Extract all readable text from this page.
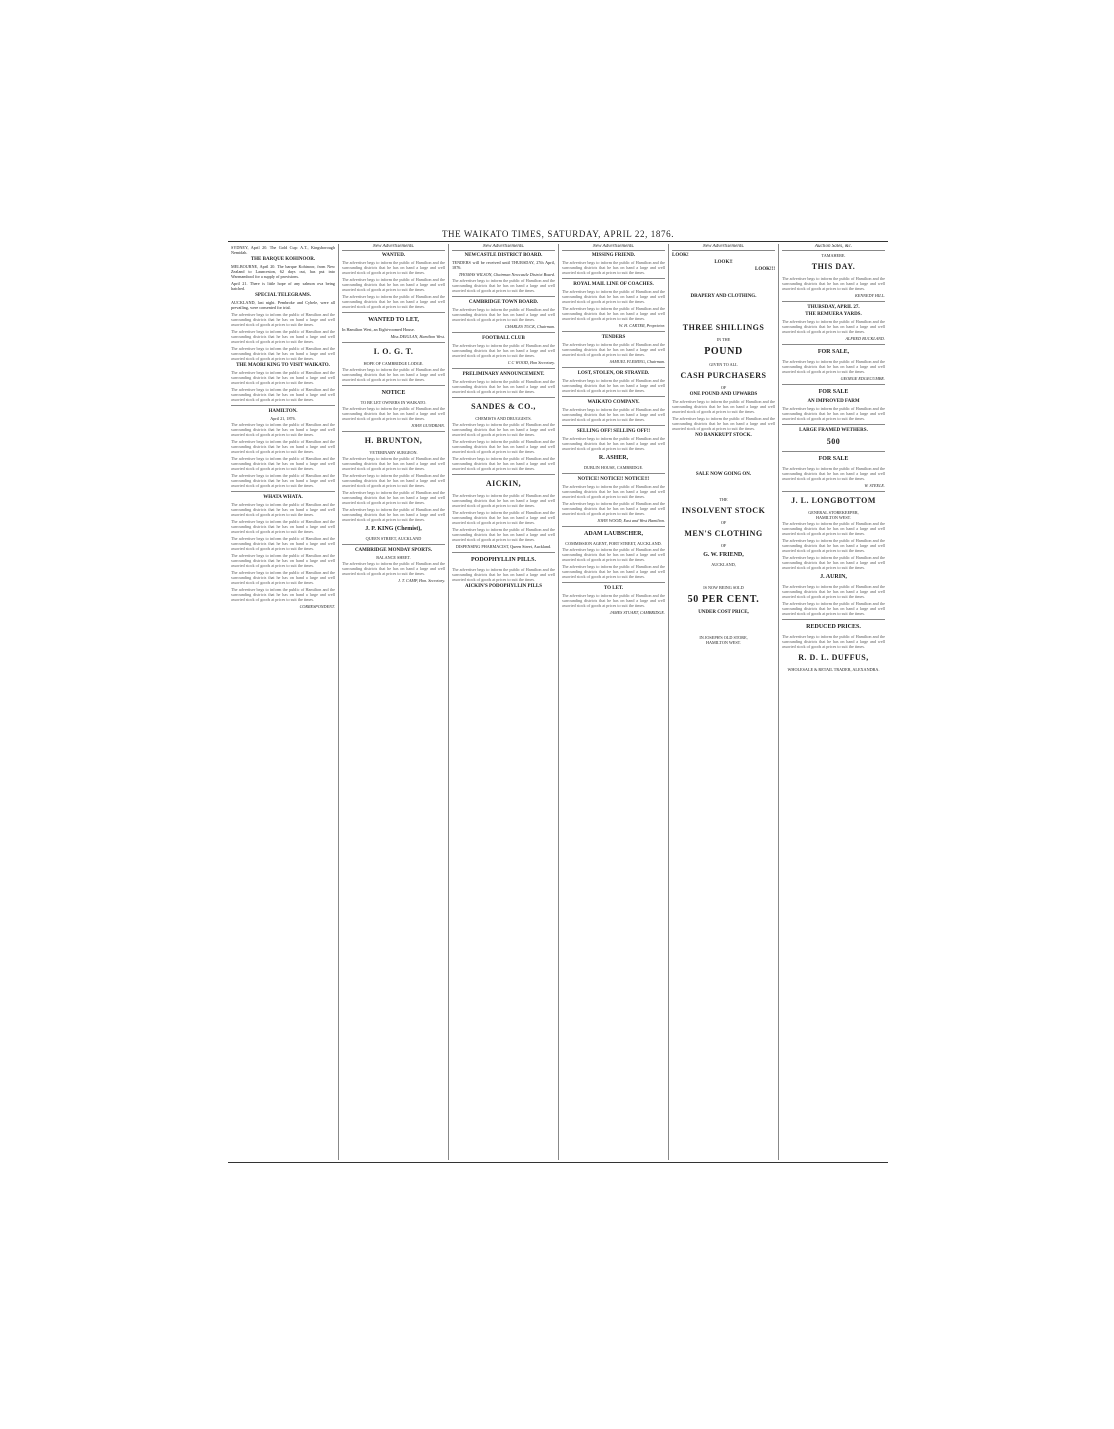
THE WAIKATO TIMES, SATURDAY, APRIL 22, 1876.
SYDNEY, April 20. The Gold Cup: A.T., Kingsborough Nemidah.
THE BARQUE KOHINOOR.
MELBOURNE, April 20. The barque Kohinoor, from New Zealand to Launceston, 62 days out, has put into Warrnambool for a supply of provisions.
April 21. There is little hope of any salmon ova being hatched.
SPECIAL TELEGRAMS.
AUCKLAND, last night. Pembroke and Cybele, were all prevailing, were consented for trial.
The advertiser begs to inform the public of Hamilton and the surrounding districts that he has on hand a large and well assorted stock of goods at prices to suit the times.
The advertiser begs to inform the public of Hamilton and the surrounding districts that he has on hand a large and well assorted stock of goods at prices to suit the times.
The advertiser begs to inform the public of Hamilton and the surrounding districts that he has on hand a large and well assorted stock of goods at prices to suit the times.
THE MAORI KING TO VISIT WAIKATO.
The advertiser begs to inform the public of Hamilton and the surrounding districts that he has on hand a large and well assorted stock of goods at prices to suit the times.
The advertiser begs to inform the public of Hamilton and the surrounding districts that he has on hand a large and well assorted stock of goods at prices to suit the times.
HAMILTON.
April 21, 1876.
The advertiser begs to inform the public of Hamilton and the surrounding districts that he has on hand a large and well assorted stock of goods at prices to suit the times.
The advertiser begs to inform the public of Hamilton and the surrounding districts that he has on hand a large and well assorted stock of goods at prices to suit the times.
The advertiser begs to inform the public of Hamilton and the surrounding districts that he has on hand a large and well assorted stock of goods at prices to suit the times.
The advertiser begs to inform the public of Hamilton and the surrounding districts that he has on hand a large and well assorted stock of goods at prices to suit the times.
WHATA WHATA.
The advertiser begs to inform the public of Hamilton and the surrounding districts that he has on hand a large and well assorted stock of goods at prices to suit the times.
The advertiser begs to inform the public of Hamilton and the surrounding districts that he has on hand a large and well assorted stock of goods at prices to suit the times.
The advertiser begs to inform the public of Hamilton and the surrounding districts that he has on hand a large and well assorted stock of goods at prices to suit the times.
The advertiser begs to inform the public of Hamilton and the surrounding districts that he has on hand a large and well assorted stock of goods at prices to suit the times.
The advertiser begs to inform the public of Hamilton and the surrounding districts that he has on hand a large and well assorted stock of goods at prices to suit the times.
The advertiser begs to inform the public of Hamilton and the surrounding districts that he has on hand a large and well assorted stock of goods at prices to suit the times.
CORRESPONDENT.
New Advertisements.
WANTED.
The advertiser begs to inform the public of Hamilton and the surrounding districts that he has on hand a large and well assorted stock of goods at prices to suit the times.
The advertiser begs to inform the public of Hamilton and the surrounding districts that he has on hand a large and well assorted stock of goods at prices to suit the times.
The advertiser begs to inform the public of Hamilton and the surrounding districts that he has on hand a large and well assorted stock of goods at prices to suit the times.
WANTED TO LET,
In Hamilton West, an Eight-roomed House.
Miss DEIGLAN, Hamilton West.
I. O. G. T.
HOPE OF CAMBRIDGE LODGE.
The advertiser begs to inform the public of Hamilton and the surrounding districts that he has on hand a large and well assorted stock of goods at prices to suit the times.
NOTICE
TO BE LET OWNERS IN WAIKATO.
The advertiser begs to inform the public of Hamilton and the surrounding districts that he has on hand a large and well assorted stock of goods at prices to suit the times.
JOHN GUNDRIAN.
H. BRUNTON,
VETERINARY SURGEON.
The advertiser begs to inform the public of Hamilton and the surrounding districts that he has on hand a large and well assorted stock of goods at prices to suit the times.
The advertiser begs to inform the public of Hamilton and the surrounding districts that he has on hand a large and well assorted stock of goods at prices to suit the times.
The advertiser begs to inform the public of Hamilton and the surrounding districts that he has on hand a large and well assorted stock of goods at prices to suit the times.
The advertiser begs to inform the public of Hamilton and the surrounding districts that he has on hand a large and well assorted stock of goods at prices to suit the times.
J. P. KING (Chemist),
QUEEN STREET, AUCKLAND
CAMBRIDGE MONDAY SPORTS.
BALANCE SHEET.
The advertiser begs to inform the public of Hamilton and the surrounding districts that he has on hand a large and well assorted stock of goods at prices to suit the times.
J. T. CAMP, Hon. Secretary.
New Advertisements.
NEWCASTLE DISTRICT BOARD.
TENDERS will be received until THURSDAY, 27th April, 1876.
THOMAS WILSON, Chairman Newcastle District Board.
The advertiser begs to inform the public of Hamilton and the surrounding districts that he has on hand a large and well assorted stock of goods at prices to suit the times.
CAMBRIDGE TOWN BOARD.
The advertiser begs to inform the public of Hamilton and the surrounding districts that he has on hand a large and well assorted stock of goods at prices to suit the times.
CHARLES TUCK, Chairman.
FOOTBALL CLUB
The advertiser begs to inform the public of Hamilton and the surrounding districts that he has on hand a large and well assorted stock of goods at prices to suit the times.
C C WOOD, Hon Secretary.
PRELIMINARY ANNOUNCEMENT.
The advertiser begs to inform the public of Hamilton and the surrounding districts that he has on hand a large and well assorted stock of goods at prices to suit the times.
SANDES & CO.,
CHEMISTS AND DRUGGISTS.
The advertiser begs to inform the public of Hamilton and the surrounding districts that he has on hand a large and well assorted stock of goods at prices to suit the times.
The advertiser begs to inform the public of Hamilton and the surrounding districts that he has on hand a large and well assorted stock of goods at prices to suit the times.
The advertiser begs to inform the public of Hamilton and the surrounding districts that he has on hand a large and well assorted stock of goods at prices to suit the times.
AICKIN,
The advertiser begs to inform the public of Hamilton and the surrounding districts that he has on hand a large and well assorted stock of goods at prices to suit the times.
The advertiser begs to inform the public of Hamilton and the surrounding districts that he has on hand a large and well assorted stock of goods at prices to suit the times.
The advertiser begs to inform the public of Hamilton and the surrounding districts that he has on hand a large and well assorted stock of goods at prices to suit the times.
DISPENSING PHARMACIST, Queen Street, Auckland.
PODOPHYLLIN PILLS.
The advertiser begs to inform the public of Hamilton and the surrounding districts that he has on hand a large and well assorted stock of goods at prices to suit the times.
AICKIN'S PODOPHYLLIN PILLS
New Advertisements.
MISSING FRIEND.
The advertiser begs to inform the public of Hamilton and the surrounding districts that he has on hand a large and well assorted stock of goods at prices to suit the times.
ROYAL MAIL LINE OF COACHES.
The advertiser begs to inform the public of Hamilton and the surrounding districts that he has on hand a large and well assorted stock of goods at prices to suit the times.
The advertiser begs to inform the public of Hamilton and the surrounding districts that he has on hand a large and well assorted stock of goods at prices to suit the times.
W. H. CARTER, Proprietor.
TENDERS
The advertiser begs to inform the public of Hamilton and the surrounding districts that he has on hand a large and well assorted stock of goods at prices to suit the times.
SAMUEL FLEMING, Chairman.
LOST, STOLEN, OR STRAYED.
The advertiser begs to inform the public of Hamilton and the surrounding districts that he has on hand a large and well assorted stock of goods at prices to suit the times.
WAIKATO COMPANY.
The advertiser begs to inform the public of Hamilton and the surrounding districts that he has on hand a large and well assorted stock of goods at prices to suit the times.
SELLING OFF! SELLING OFF!!
The advertiser begs to inform the public of Hamilton and the surrounding districts that he has on hand a large and well assorted stock of goods at prices to suit the times.
R. ASHER,
DUBLIN HOUSE, CAMBRIDGE.
NOTICE! NOTICE!! NOTICE!!!
The advertiser begs to inform the public of Hamilton and the surrounding districts that he has on hand a large and well assorted stock of goods at prices to suit the times.
The advertiser begs to inform the public of Hamilton and the surrounding districts that he has on hand a large and well assorted stock of goods at prices to suit the times.
JOHN WOOD, East and West Hamilton.
ADAM LAUBSCHER,
COMMISSION AGENT, FORT STREET, AUCKLAND.
The advertiser begs to inform the public of Hamilton and the surrounding districts that he has on hand a large and well assorted stock of goods at prices to suit the times.
The advertiser begs to inform the public of Hamilton and the surrounding districts that he has on hand a large and well assorted stock of goods at prices to suit the times.
TO LET.
The advertiser begs to inform the public of Hamilton and the surrounding districts that he has on hand a large and well assorted stock of goods at prices to suit the times.
JAMES STUART, CAMBRIDGE.
New Advertisements.
LOOK!
LOOK!!
LOOK!!!
DRAPERY AND CLOTHING.
THREE SHILLINGS
IN THE
POUND
GIVEN TO ALL
CASH PURCHASERS
OF
ONE POUND AND UPWARDS
The advertiser begs to inform the public of Hamilton and the surrounding districts that he has on hand a large and well assorted stock of goods at prices to suit the times.
The advertiser begs to inform the public of Hamilton and the surrounding districts that he has on hand a large and well assorted stock of goods at prices to suit the times.
NO BANKRUPT STOCK.
SALE NOW GOING ON.
THE
INSOLVENT STOCK
OF
MEN'S CLOTHING
OF
G. W. FRIEND,
AUCKLAND,
IS NOW BEING SOLD
50 PER CENT.
UNDER COST PRICE,
IN JOSEPH'S OLD STORE,
HAMILTON WEST.
Auction Sales, &c.
TAMAHERE.
THIS DAY.
The advertiser begs to inform the public of Hamilton and the surrounding districts that he has on hand a large and well assorted stock of goods at prices to suit the times.
KENNEDY HILL.
THURSDAY, APRIL 27.
THE REMUERA YARDS.
The advertiser begs to inform the public of Hamilton and the surrounding districts that he has on hand a large and well assorted stock of goods at prices to suit the times.
ALFRED BUCKLAND.
FOR SALE,
The advertiser begs to inform the public of Hamilton and the surrounding districts that he has on hand a large and well assorted stock of goods at prices to suit the times.
GEORGE EDGECUMBE.
FOR SALE
AN IMPROVED FARM
The advertiser begs to inform the public of Hamilton and the surrounding districts that he has on hand a large and well assorted stock of goods at prices to suit the times.
LARGE FRAMED WETHERS.
500
FOR SALE
The advertiser begs to inform the public of Hamilton and the surrounding districts that he has on hand a large and well assorted stock of goods at prices to suit the times.
W. STEELE.
J. L. LONGBOTTOM
GENERAL STOREKEEPER,
HAMILTON WEST.
The advertiser begs to inform the public of Hamilton and the surrounding districts that he has on hand a large and well assorted stock of goods at prices to suit the times.
The advertiser begs to inform the public of Hamilton and the surrounding districts that he has on hand a large and well assorted stock of goods at prices to suit the times.
The advertiser begs to inform the public of Hamilton and the surrounding districts that he has on hand a large and well assorted stock of goods at prices to suit the times.
J. AURIN,
The advertiser begs to inform the public of Hamilton and the surrounding districts that he has on hand a large and well assorted stock of goods at prices to suit the times.
The advertiser begs to inform the public of Hamilton and the surrounding districts that he has on hand a large and well assorted stock of goods at prices to suit the times.
REDUCED PRICES.
The advertiser begs to inform the public of Hamilton and the surrounding districts that he has on hand a large and well assorted stock of goods at prices to suit the times.
R. D. L. DUFFUS,
WHOLESALE & RETAIL TRADER, ALEXANDRA.
